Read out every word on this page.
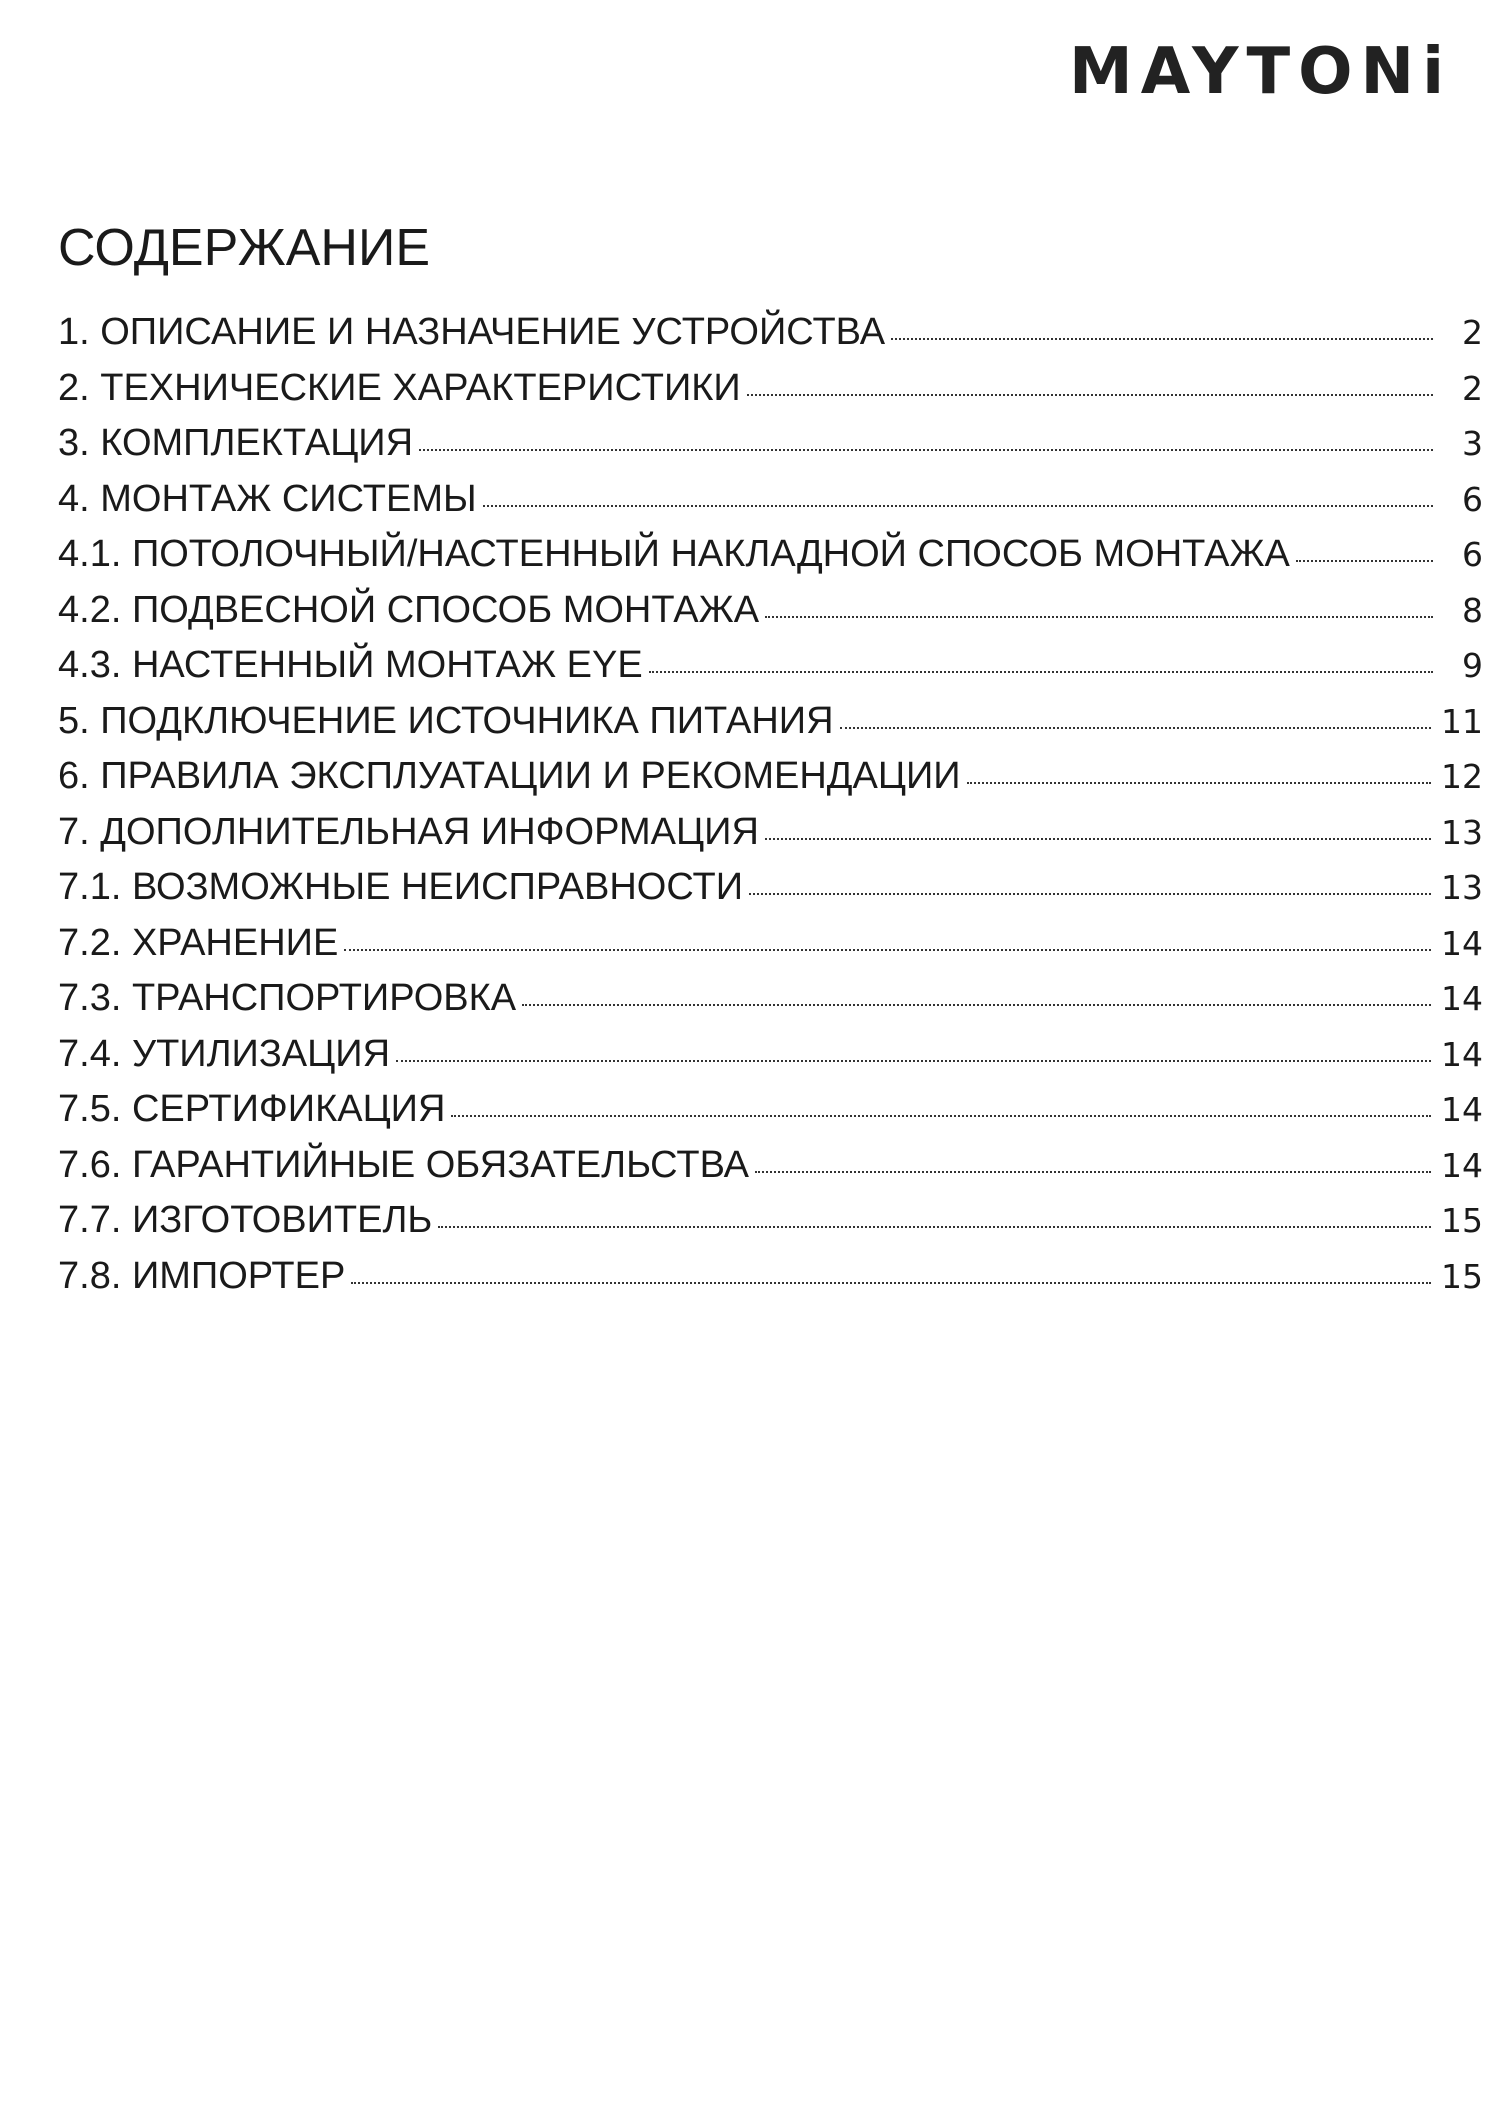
MAYTONi
СОДЕРЖАНИЕ
1. ОПИСАНИЕ И НАЗНАЧЕНИЕ УСТРОЙСТВА	2
2. ТЕХНИЧЕСКИЕ ХАРАКТЕРИСТИКИ	2
3. КОМПЛЕКТАЦИЯ	3
4. МОНТАЖ СИСТЕМЫ	6
4.1. ПОТОЛОЧНЫЙ/НАСТЕННЫЙ НАКЛАДНОЙ СПОСОБ МОНТАЖА	6
4.2. ПОДВЕСНОЙ СПОСОБ МОНТАЖА	8
4.3. НАСТЕННЫЙ МОНТАЖ EYE	9
5. ПОДКЛЮЧЕНИЕ ИСТОЧНИКА ПИТАНИЯ	11
6. ПРАВИЛА ЭКСПЛУАТАЦИИ И РЕКОМЕНДАЦИИ	12
7. ДОПОЛНИТЕЛЬНАЯ ИНФОРМАЦИЯ	13
7.1. ВОЗМОЖНЫЕ НЕИСПРАВНОСТИ	13
7.2. ХРАНЕНИЕ	14
7.3. ТРАНСПОРТИРОВКА	14
7.4. УТИЛИЗАЦИЯ	14
7.5. СЕРТИФИКАЦИЯ	14
7.6. ГАРАНТИЙНЫЕ ОБЯЗАТЕЛЬСТВА	14
7.7. ИЗГОТОВИТЕЛЬ	15
7.8. ИМПОРТЕР	15
